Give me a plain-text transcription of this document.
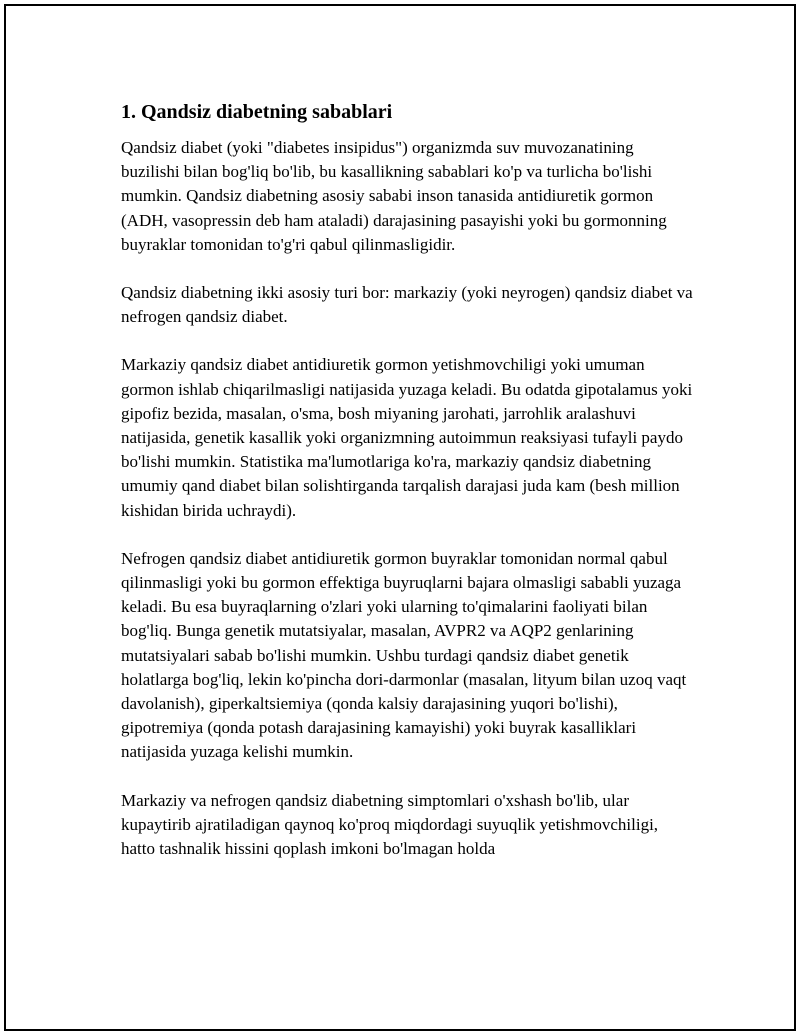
1. Qandsiz diabetning sabablari

Qandsiz diabet (yoki "diabetes insipidus") organizmda suv muvozanatining buzilishi bilan bog'liq bo'lib, bu kasallikning sabablari ko'p va turlicha bo'lishi mumkin. Qandsiz diabetning asosiy sababi inson tanasida antidiuretik gormon (ADH, vasopressin deb ham ataladi) darajasining pasayishi yoki bu gormonning buyraklar tomonidan to'g'ri qabul qilinmasligidir.

Qandsiz diabetning ikki asosiy turi bor: markaziy (yoki neyrogen) qandsiz diabet va nefrogen qandsiz diabet.

Markaziy qandsiz diabet antidiuretik gormon yetishmovchiligi yoki umuman gormon ishlab chiqarilmasligi natijasida yuzaga keladi. Bu odatda gipotalamus yoki gipofiz bezida, masalan, o'sma, bosh miyaning jarohati, jarrohlik aralashuvi natijasida, genetik kasallik yoki organizmning autoimmun reaksiyasi tufayli paydo bo'lishi mumkin. Statistika ma'lumotlariga ko'ra, markaziy qandsiz diabetning umumiy qand diabet bilan solishtirganda tarqalish darajasi juda kam (besh million kishidan birida uchraydi).

Nefrogen qandsiz diabet antidiuretik gormon buyraklar tomonidan normal qabul qilinmasligi yoki bu gormon effektiga buyruqlarni bajara olmasligi sababli yuzaga keladi. Bu esa buyraqlarning o'zlari yoki ularning to'qimalarini faoliyati bilan bog'liq. Bunga genetik mutatsiyalar, masalan, AVPR2 va AQP2 genlarining mutatsiyalari sabab bo'lishi mumkin. Ushbu turdagi qandsiz diabet genetik holatlarga bog'liq, lekin ko'pincha dori-darmonlar (masalan, lityum bilan uzoq vaqt davolanish), giperkaltsiemiya (qonda kalsiy darajasining yuqori bo'lishi), gipotremiya (qonda potash darajasining kamayishi) yoki buyrak kasalliklari natijasida yuzaga kelishi mumkin.

Markaziy va nefrogen qandsiz diabetning simptomlari o'xshash bo'lib, ular kupaytirib ajratiladigan qaynoq ko'proq miqdordagi suyuqlik yetishmovchiligi, hatto tashnalik hissini qoplash imkoni bo'lmagan holda
